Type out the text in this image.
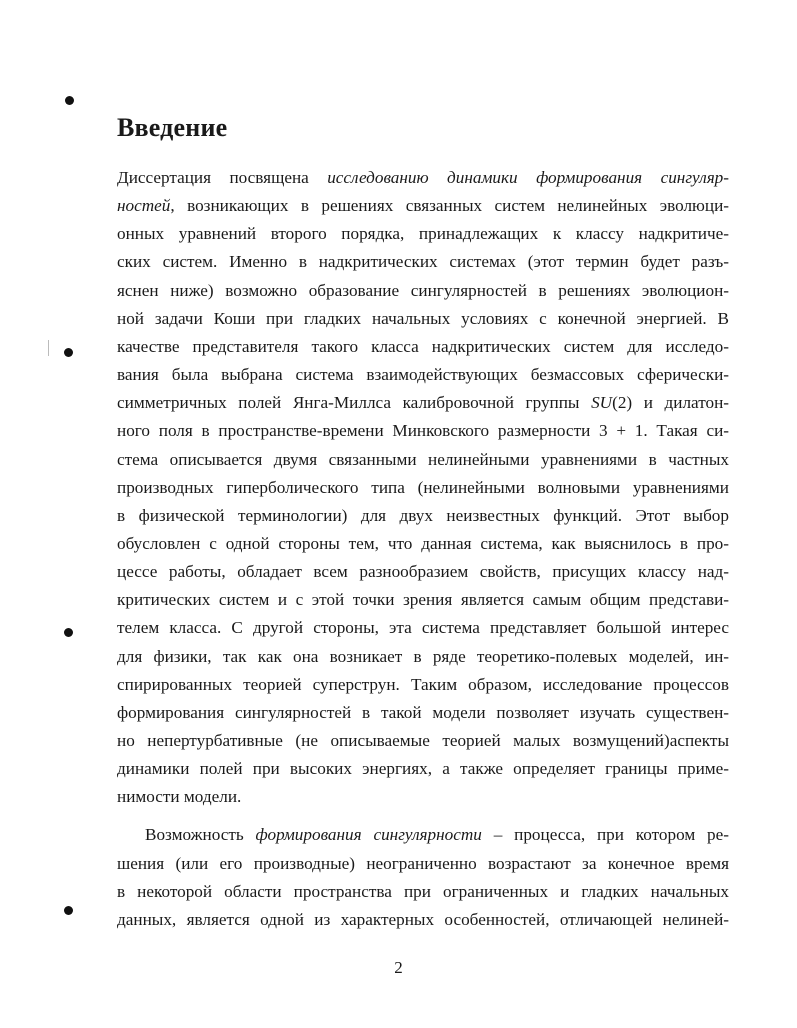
Введение
Диссертация посвящена исследованию динамики формирования сингуляр-
ностей, возникающих в решениях связанных систем нелинейных эволюци-
онных уравнений второго порядка, принадлежащих к классу надкритиче-
ских систем. Именно в надкритических системах (этот термин будет разъ-
яснен ниже) возможно образование сингулярностей в решениях эволюцион-
ной задачи Коши при гладких начальных условиях с конечной энергией. В
качестве представителя такого класса надкритических систем для исследо-
вания была выбрана система взаимодействующих безмассовых сферически-
симметричных полей Янга-Миллса калибровочной группы SU(2) и дилатон-
ного поля в пространстве-времени Минковского размерности 3 + 1. Такая си-
стема описывается двумя связанными нелинейными уравнениями в частных
производных гиперболического типа (нелинейными волновыми уравнениями
в физической терминологии) для двух неизвестных функций. Этот выбор
обусловлен с одной стороны тем, что данная система, как выяснилось в про-
цессе работы, обладает всем разнообразием свойств, присущих классу над-
критических систем и с этой точки зрения является самым общим представи-
телем класса. С другой стороны, эта система представляет большой интерес
для физики, так как она возникает в ряде теоретико-полевых моделей, ин-
спирированных теорией суперструн. Таким образом, исследование процессов
формирования сингулярностей в такой модели позволяет изучать существен-
но непертурбативные (не описываемые теорией малых возмущений)аспекты
динамики полей при высоких энергиях, а также определяет границы приме-
нимости модели.
Возможность формирования сингулярности – процесса, при котором ре-
шения (или его производные) неограниченно возрастают за конечное время
в некоторой области пространства при ограниченных и гладких начальных
данных, является одной из характерных особенностей, отличающей нелиней-
2
